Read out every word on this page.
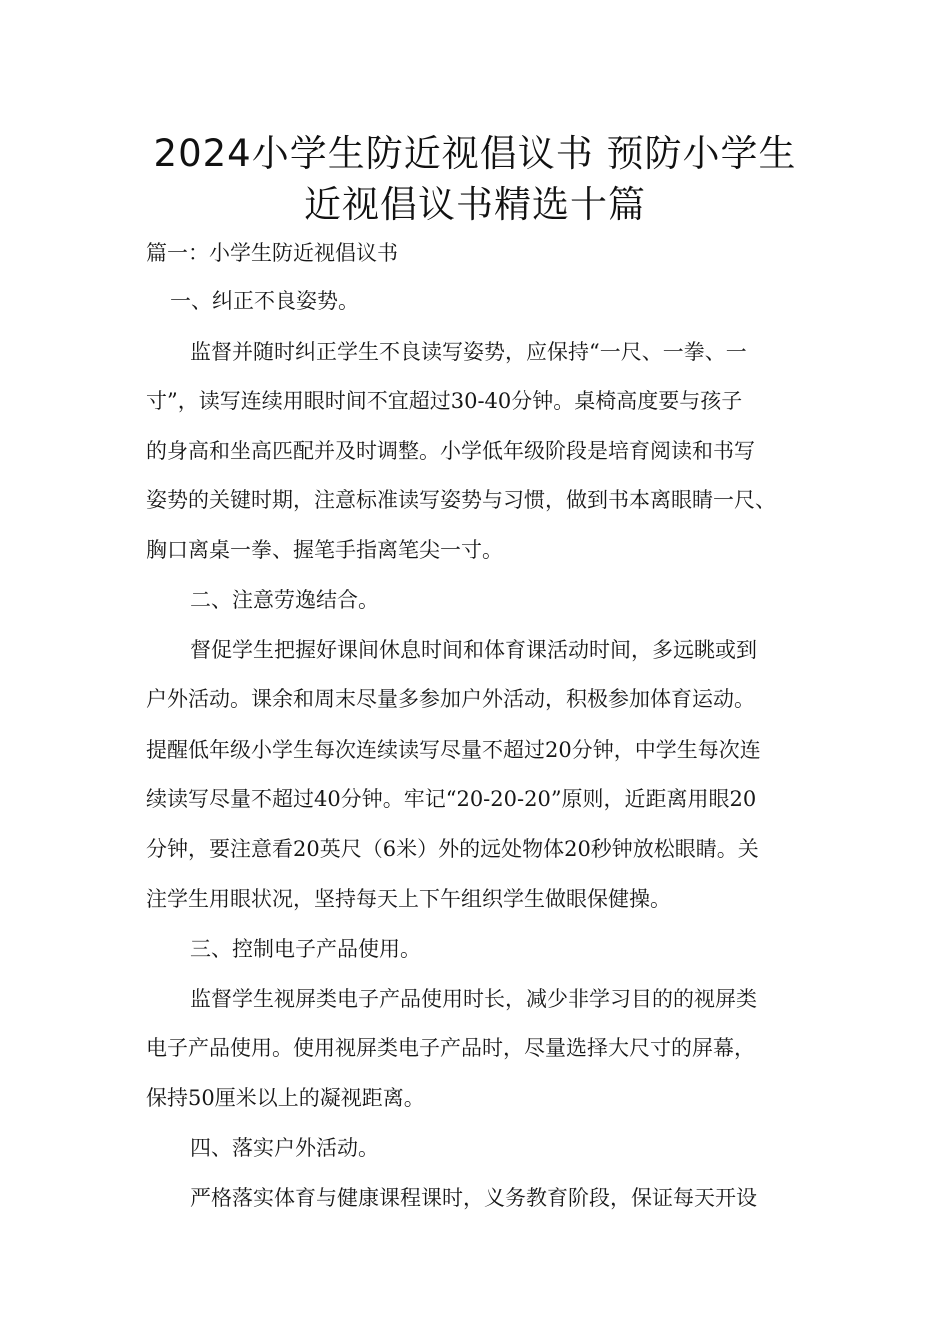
2024小学生防近视倡议书 预防小学生
近视倡议书精选十篇
篇一：小学生防近视倡议书
一、纠正不良姿势。
监督并随时纠正学生不良读写姿势，应保持“一尺、一拳、一
寸”，读写连续用眼时间不宜超过30-40分钟。桌椅高度要与孩子
的身高和坐高匹配并及时调整。小学低年级阶段是培育阅读和书写
姿势的关键时期，注意标准读写姿势与习惯，做到书本离眼睛一尺、
胸口离桌一拳、握笔手指离笔尖一寸。
二、注意劳逸结合。
督促学生把握好课间休息时间和体育课活动时间，多远眺或到
户外活动。课余和周末尽量多参加户外活动，积极参加体育运动。
提醒低年级小学生每次连续读写尽量不超过20分钟，中学生每次连
续读写尽量不超过40分钟。牢记“20-20-20”原则，近距离用眼20
分钟，要注意看20英尺（6米）外的远处物体20秒钟放松眼睛。关
注学生用眼状况，坚持每天上下午组织学生做眼保健操。
三、控制电子产品使用。
监督学生视屏类电子产品使用时长，减少非学习目的的视屏类
电子产品使用。使用视屏类电子产品时，尽量选择大尺寸的屏幕，
保持50厘米以上的凝视距离。
四、落实户外活动。
严格落实体育与健康课程课时，义务教育阶段，保证每天开设
